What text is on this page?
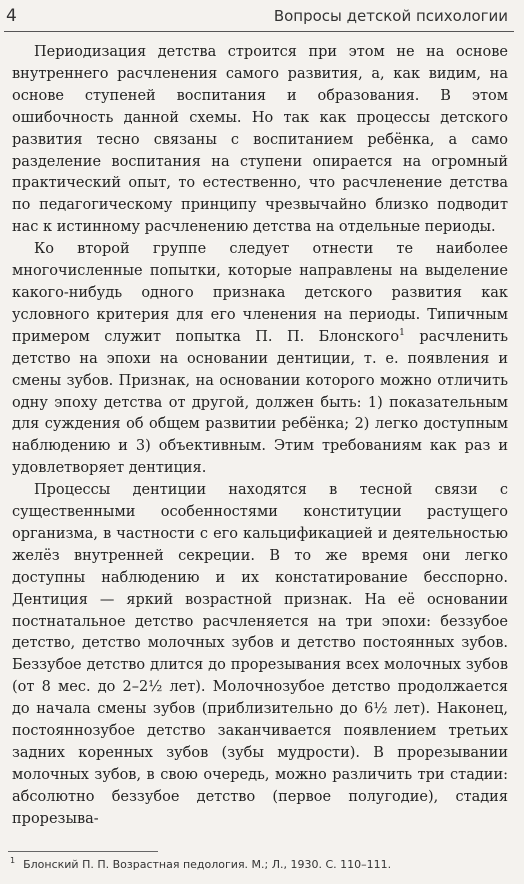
4	Вопросы детской психологии

Периодизация детства строится при этом не на основе внутреннего расчленения самого развития, а, как видим, на основе ступеней воспитания и образования. В этом ошибочность данной схемы. Но так как процессы детского развития тесно связаны с воспитанием ребёнка, а само разделение воспитания на ступени опирается на огромный практический опыт, то естественно, что расчленение детства по педагогическому принципу чрезвычайно близко подводит нас к истинному расчленению детства на отдельные периоды.

Ко второй группе следует отнести те наиболее многочисленные попытки, которые направлены на выделение какого-нибудь одного признака детского развития как условного критерия для его членения на периоды. Типичным примером служит попытка П. П. Блонского$^1$ расчленить детство на эпохи на основании дентиции, т. е. появления и смены зубов. Признак, на основании которого можно отличить одну эпоху детства от другой, должен быть: 1) показательным для суждения об общем развитии ребёнка; 2) легко доступным наблюдению и 3) объективным. Этим требованиям как раз и удовлетворяет дентиция.

Процессы дентиции находятся в тесной связи с существенными особенностями конституции растущего организма, в частности с его кальцификацией и деятельностью желёз внутренней секреции. В то же время они легко доступны наблюдению и их констатирование бесспорно. Дентиция — яркий возрастной признак. На её основании постнатальное детство расчленяется на три эпохи: беззубое детство, детство молочных зубов и детство постоянных зубов. Беззубое детство длится до прорезывания всех молочных зубов (от 8 мес. до 2–2½ лет). Молочнозубое детство продолжается до начала смены зубов (приблизительно до 6½ лет). Наконец, постояннозубое детство заканчивается появлением третьих задних коренных зубов (зубы мудрости). В прорезывании молочных зубов, в свою очередь, можно различить три стадии: абсолютно беззубое детство (первое полугодие), стадия прорезыва-

$^1$ Блонский П. П. Возрастная педология. М.; Л., 1930. С. 110–111.
